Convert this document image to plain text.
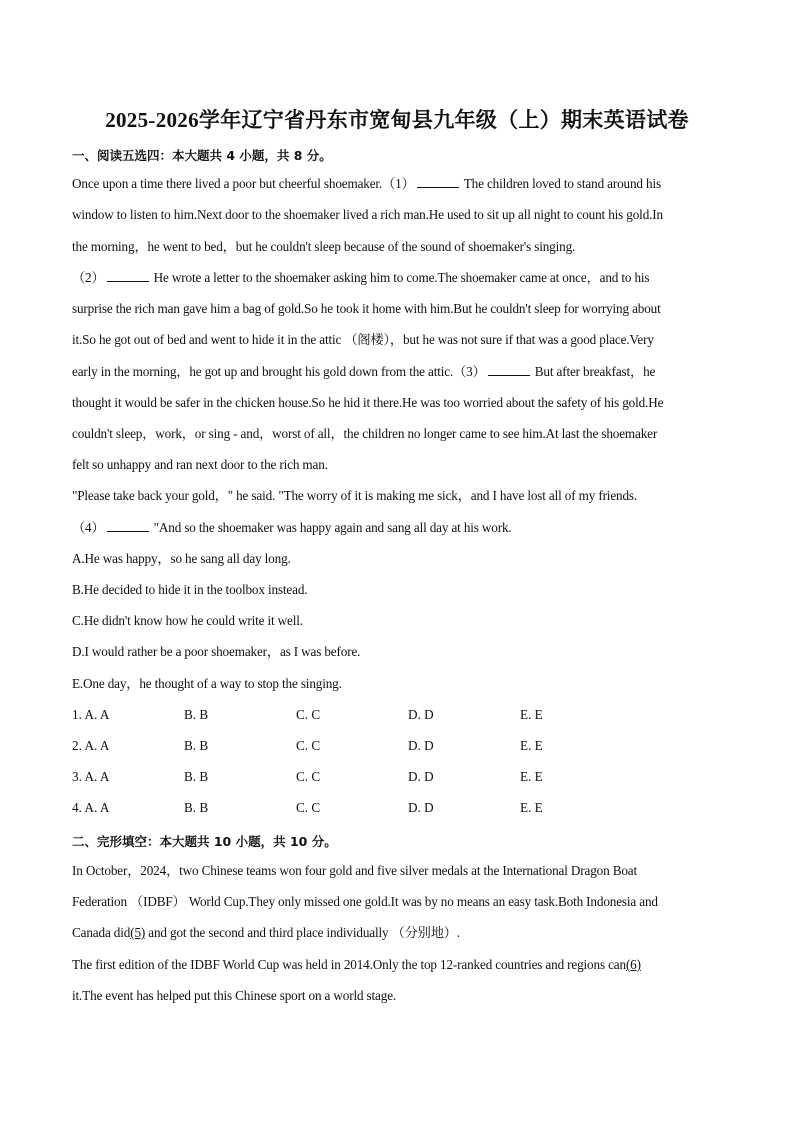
2025-2026学年辽宁省丹东市宽甸县九年级（上）期末英语试卷
一、阅读五选四：本大题共 4 小题，共 8 分。
Once upon a time there lived a poor but cheerful shoemaker.（1）	The children loved to stand around his
window to listen to him.Next door to the shoemaker lived a rich man.He used to sit up all night to count his gold.In
the morning，he went to bed，but he couldn't sleep because of the sound of shoemaker's singing.
（2）	He wrote a letter to the shoemaker asking him to come.The shoemaker came at once，and to his
surprise the rich man gave him a bag of gold.So he took it home with him.But he couldn't sleep for worrying about
it.So he got out of bed and went to hide it in the attic （阁楼），but he was not sure if that was a good place.Very
early in the morning，he got up and brought his gold down from the attic.（3）	But after breakfast，he
thought it would be safer in the chicken house.So he hid it there.He was too worried about the safety of his gold.He
couldn't sleep，work，or sing - and，worst of all，the children no longer came to see him.At last the shoemaker
felt so unhappy and ran next door to the rich man.
"Please take back your gold，" he said. "The worry of it is making me sick，and I have lost all of my friends.
（4）	"And so the shoemaker was happy again and sang all day at his work.
A.He was happy，so he sang all day long.
B.He decided to hide it in the toolbox instead.
C.He didn't know how he could write it well.
D.I would rather be a poor shoemaker，as I was before.
E.One day，he thought of a way to stop the singing.
1. A. A	B. B	C. C	D. D	E. E
2. A. A	B. B	C. C	D. D	E. E
3. A. A	B. B	C. C	D. D	E. E
4. A. A	B. B	C. C	D. D	E. E
二、完形填空：本大题共 10 小题，共 10 分。
In October，2024，two Chinese teams won four gold and five silver medals at the International Dragon Boat
Federation （IDBF） World Cup.They only missed one gold.It was by no means an easy task.Both Indonesia and
Canada did(5) and got the second and third place individually （分别地）.
The first edition of the IDBF World Cup was held in 2014.Only the top 12-ranked countries and regions can(6)
it.The event has helped put this Chinese sport on a world stage.
